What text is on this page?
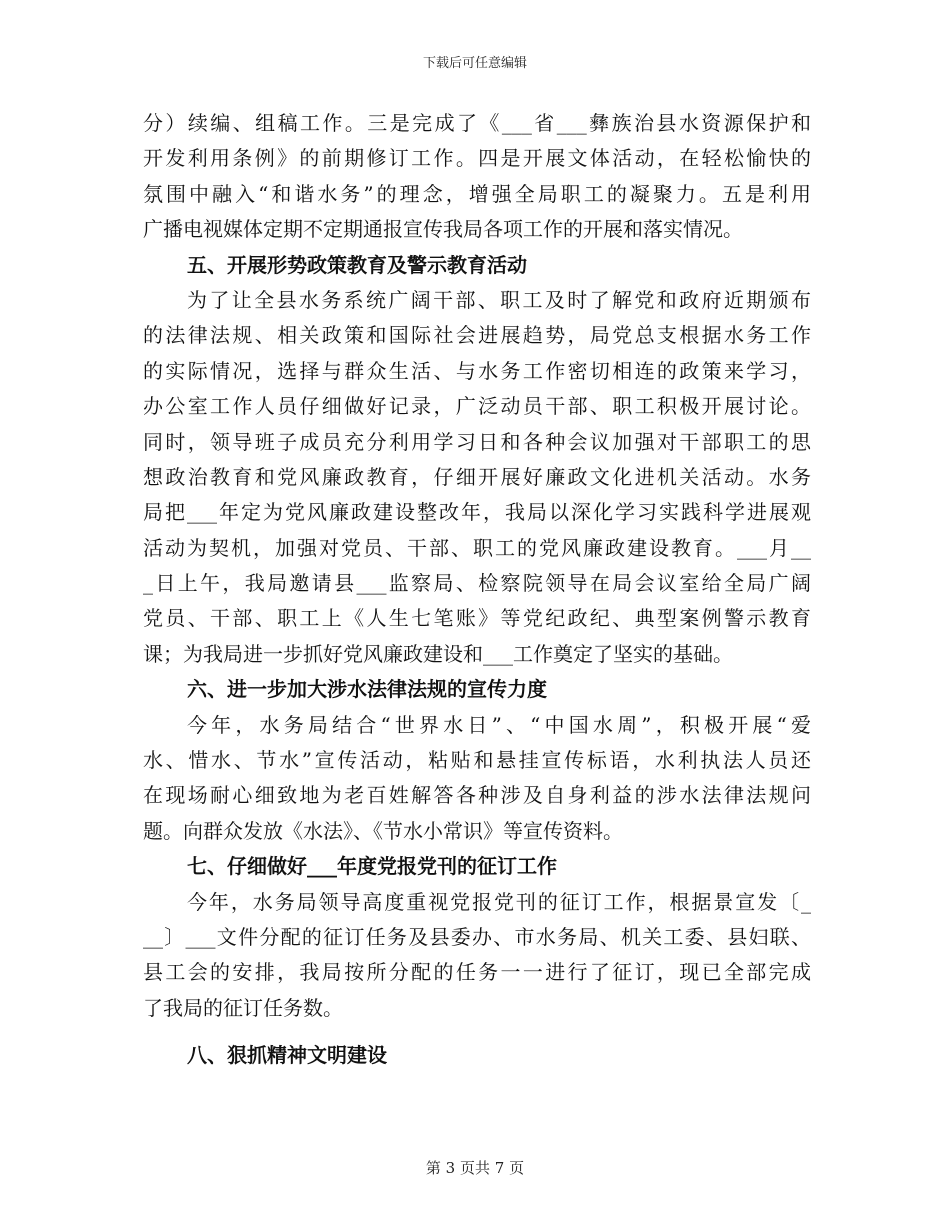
下载后可任意编辑
分）续编、组稿工作。三是完成了《___省___彝族治县水资源保护和
开发利用条例》的前期修订工作。四是开展文体活动，在轻松愉快的
氛围中融入“和谐水务”的理念，增强全局职工的凝聚力。五是利用
广播电视媒体定期不定期通报宣传我局各项工作的开展和落实情况。
五、开展形势政策教育及警示教育活动
为了让全县水务系统广阔干部、职工及时了解党和政府近期颁布
的法律法规、相关政策和国际社会进展趋势，局党总支根据水务工作
的实际情况，选择与群众生活、与水务工作密切相连的政策来学习，
办公室工作人员仔细做好记录，广泛动员干部、职工积极开展讨论。
同时，领导班子成员充分利用学习日和各种会议加强对干部职工的思
想政治教育和党风廉政教育，仔细开展好廉政文化进机关活动。水务
局把___年定为党风廉政建设整改年，我局以深化学习实践科学进展观
活动为契机，加强对党员、干部、职工的党风廉政建设教育。___月__
_日上午，我局邀请县___监察局、检察院领导在局会议室给全局广阔
党员、干部、职工上《人生七笔账》等党纪政纪、典型案例警示教育
课；为我局进一步抓好党风廉政建设和___工作奠定了坚实的基础。
六、进一步加大涉水法律法规的宣传力度
今年，水务局结合“世界水日”、“中国水周”，积极开展“爱
水、惜水、节水”宣传活动，粘贴和悬挂宣传标语，水利执法人员还
在现场耐心细致地为老百姓解答各种涉及自身利益的涉水法律法规问
题。向群众发放《水法》、《节水小常识》等宣传资料。
七、仔细做好___年度党报党刊的征订工作
今年，水务局领导高度重视党报党刊的征订工作，根据景宣发〔_
__〕___文件分配的征订任务及县委办、市水务局、机关工委、县妇联、
县工会的安排，我局按所分配的任务一一进行了征订，现已全部完成
了我局的征订任务数。
八、狠抓精神文明建设
第 3 页共 7 页
